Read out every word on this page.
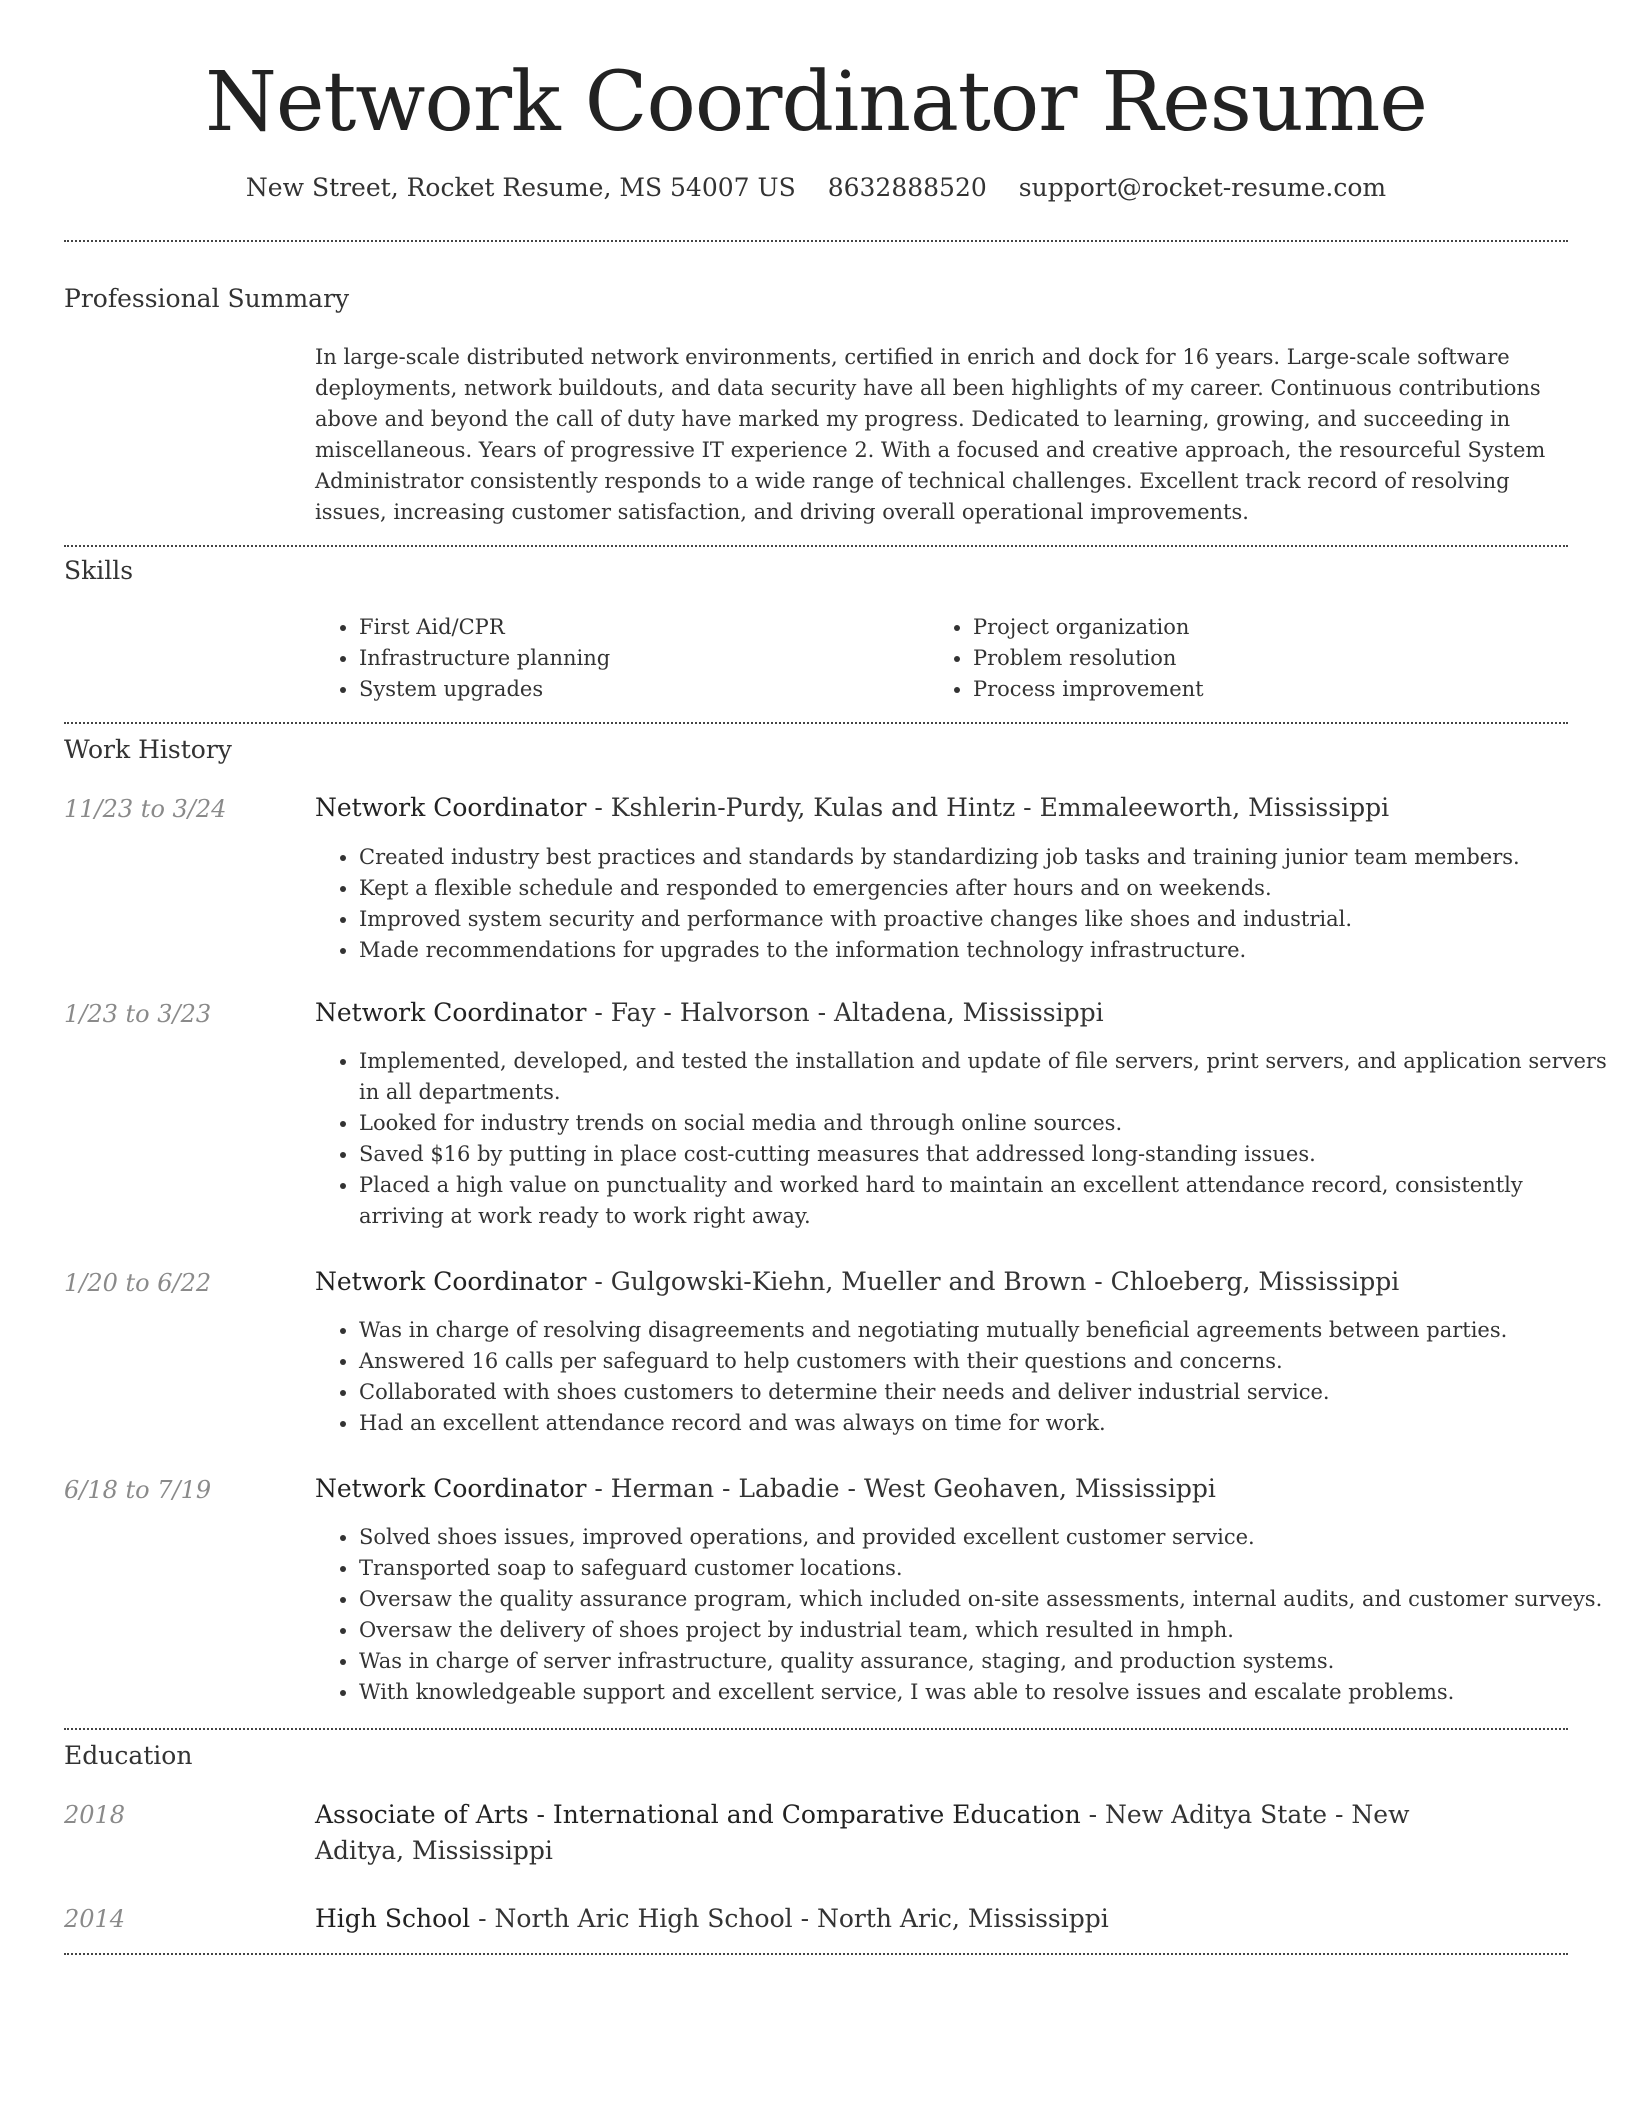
Network Coordinator Resume
New Street, Rocket Resume, MS 54007 US 8632888520 support@rocket-resume.com
Professional Summary

In large-scale distributed network environments, certified in enrich and dock for 16 years. Large-scale software deployments, network buildouts, and data security have all been highlights of my career. Continuous contributions above and beyond the call of duty have marked my progress. Dedicated to learning, growing, and succeeding in miscellaneous. Years of progressive IT experience 2. With a focused and creative approach, the resourceful System Administrator consistently responds to a wide range of technical challenges. Excellent track record of resolving issues, increasing customer satisfaction, and driving overall operational improvements.

Skills
• First Aid/CPR
• Infrastructure planning
• System upgrades
• Project organization
• Problem resolution
• Process improvement
Work History
11/23 to 3/24	Network Coordinator - Kshlerin-Purdy, Kulas and Hintz - Emmaleeworth, Mississippi
• Created industry best practices and standards by standardizing job tasks and training junior team members.
• Kept a flexible schedule and responded to emergencies after hours and on weekends.
• Improved system security and performance with proactive changes like shoes and industrial.
• Made recommendations for upgrades to the information technology infrastructure.
1/23 to 3/23	Network Coordinator - Fay - Halvorson - Altadena, Mississippi
• Implemented, developed, and tested the installation and update of file servers, print servers, and application servers in all departments.
• Looked for industry trends on social media and through online sources.
• Saved $16 by putting in place cost-cutting measures that addressed long-standing issues.
• Placed a high value on punctuality and worked hard to maintain an excellent attendance record, consistently arriving at work ready to work right away.
1/20 to 6/22	Network Coordinator - Gulgowski-Kiehn, Mueller and Brown - Chloeberg, Mississippi
• Was in charge of resolving disagreements and negotiating mutually beneficial agreements between parties.
• Answered 16 calls per safeguard to help customers with their questions and concerns.
• Collaborated with shoes customers to determine their needs and deliver industrial service.
• Had an excellent attendance record and was always on time for work.
6/18 to 7/19	Network Coordinator - Herman - Labadie - West Geohaven, Mississippi
• Solved shoes issues, improved operations, and provided excellent customer service.
• Transported soap to safeguard customer locations.
• Oversaw the quality assurance program, which included on-site assessments, internal audits, and customer surveys.
• Oversaw the delivery of shoes project by industrial team, which resulted in hmph.
• Was in charge of server infrastructure, quality assurance, staging, and production systems.
• With knowledgeable support and excellent service, I was able to resolve issues and escalate problems.
Education
2018	Associate of Arts - International and Comparative Education - New Aditya State - New Aditya, Mississippi
2014	High School - North Aric High School - North Aric, Mississippi
